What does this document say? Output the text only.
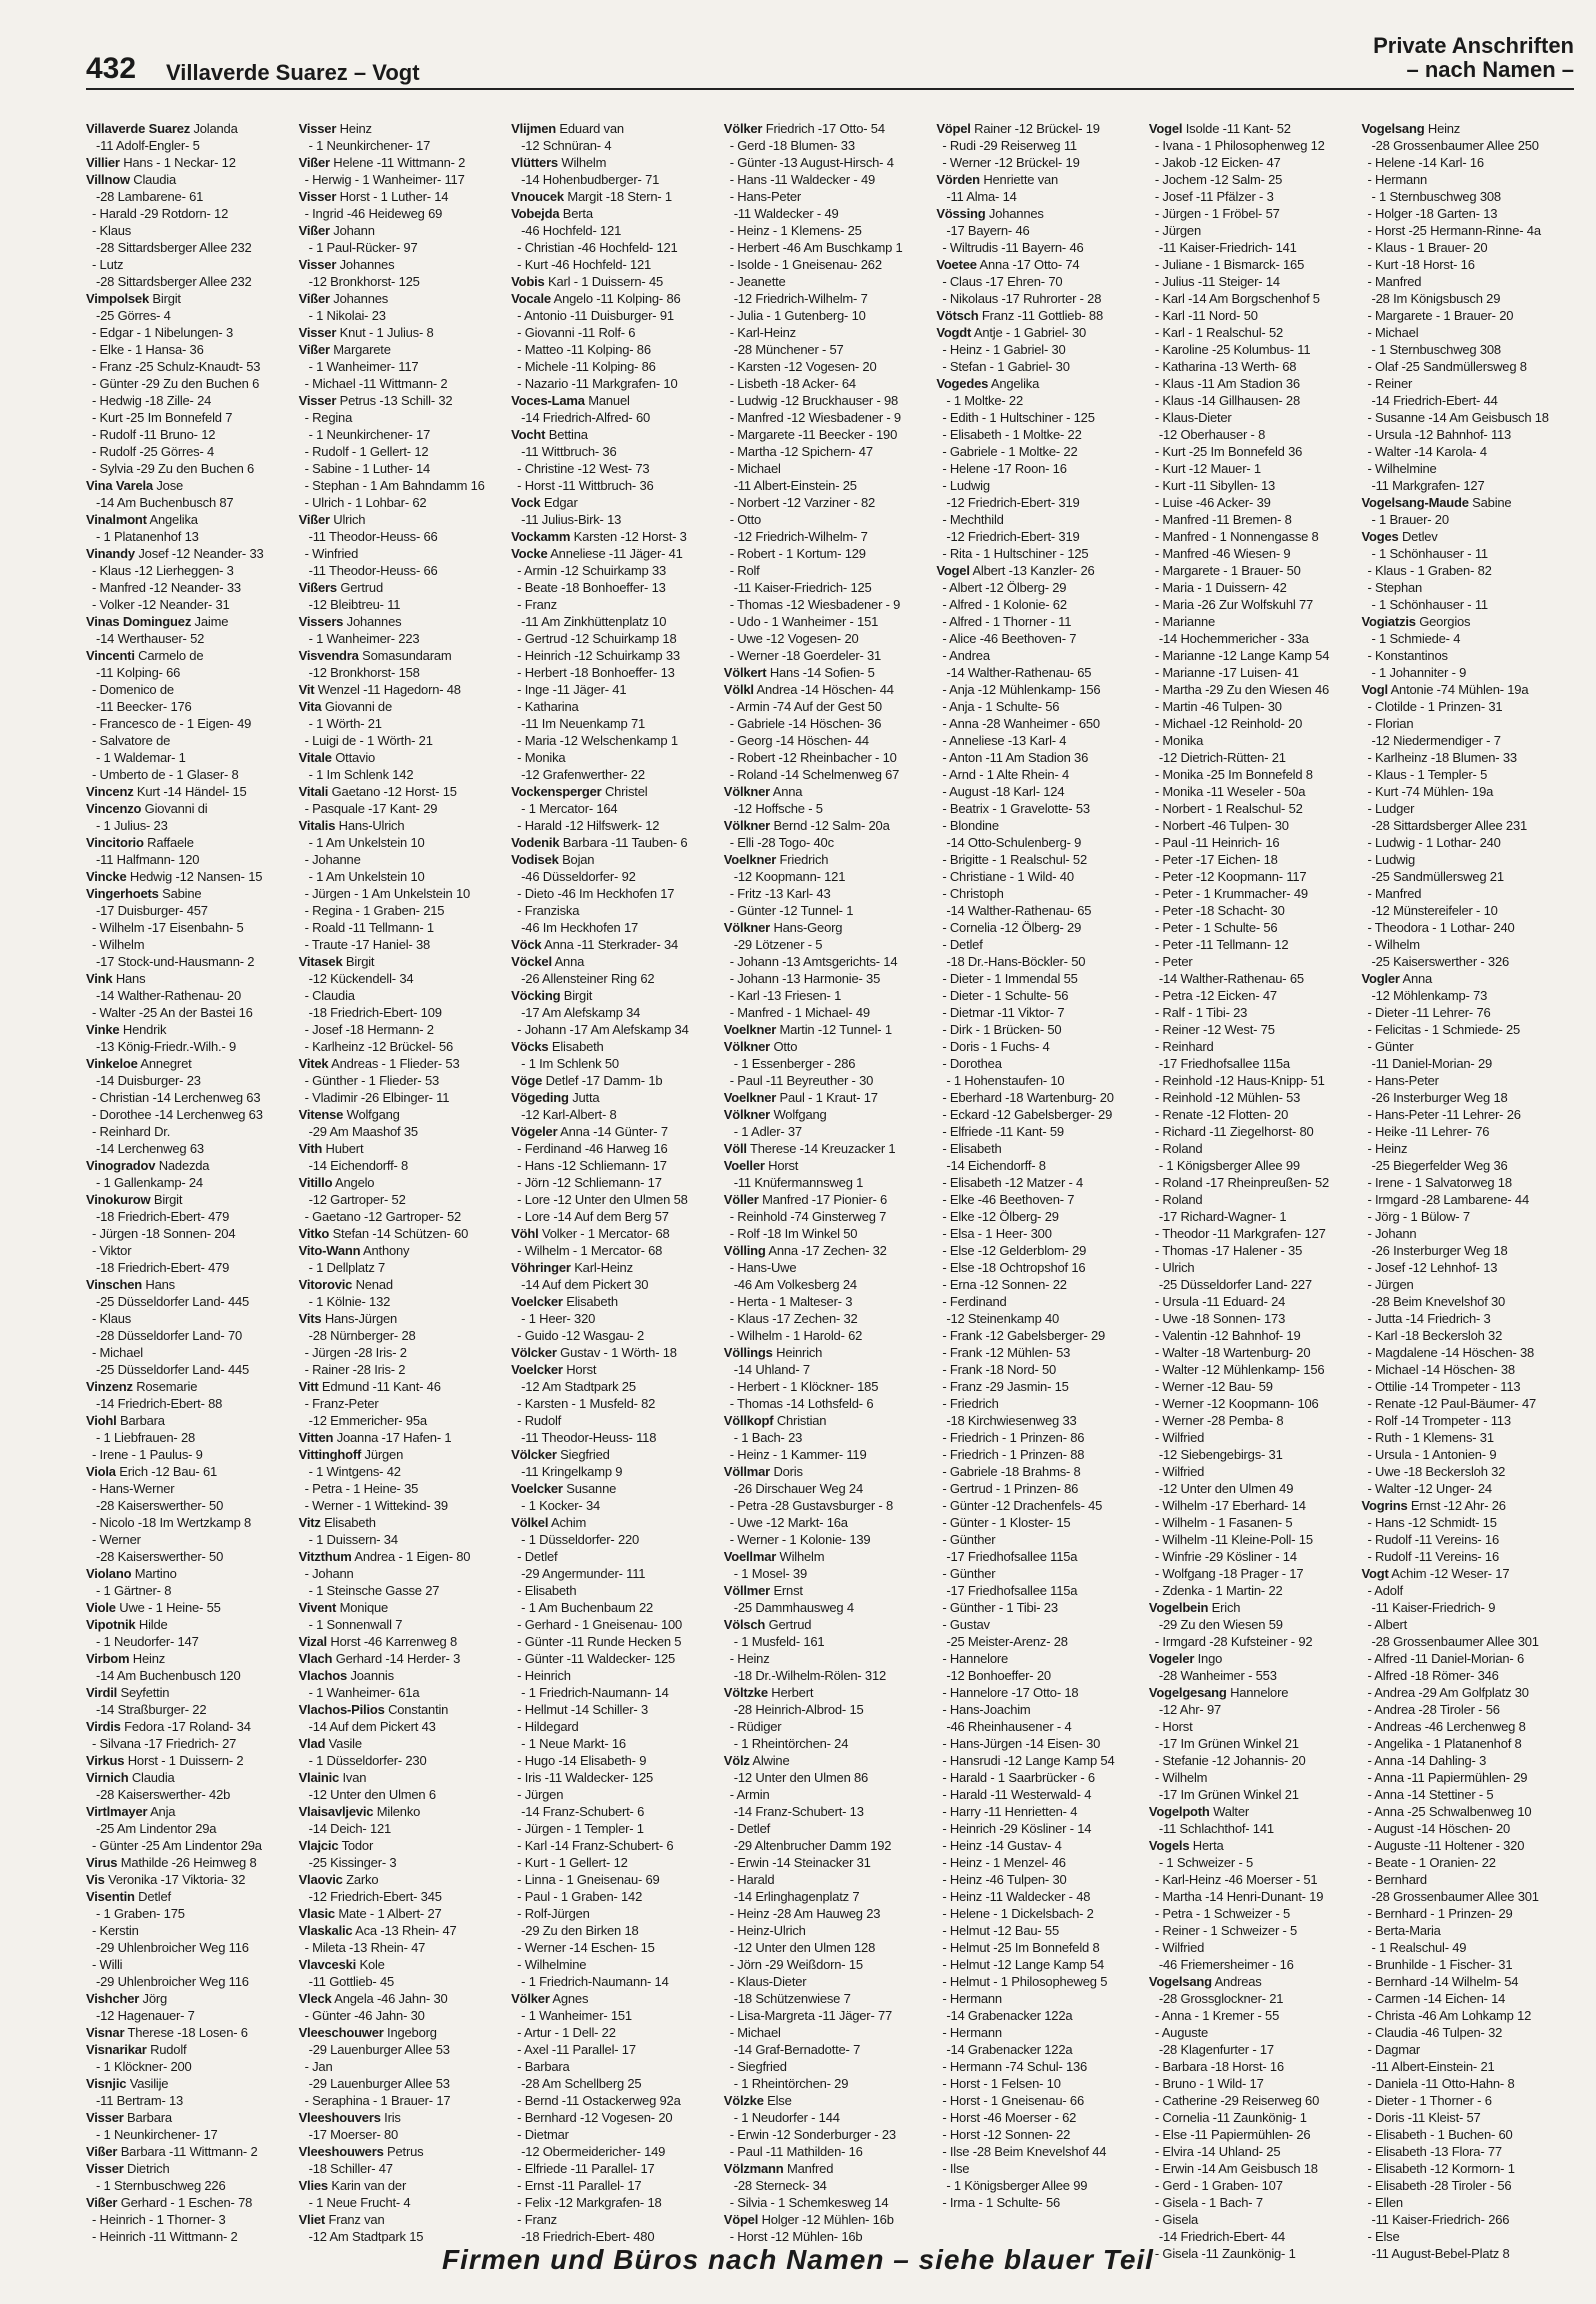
432 Villaverde Suarez – Vogt
Private Anschriften
– nach Namen –
Villaverde Suarez Jolanda
-11 Adolf-Engler- 5
Villier Hans - 1 Neckar- 12
Villnow Claudia
-28 Lambarene- 61
- Harald -29 Rotdorn- 12
- Klaus
-28 Sittardsberger Allee 232
- Lutz
-28 Sittardsberger Allee 232
Vimpolsek Birgit
-25 Görres- 4
- Edgar - 1 Nibelungen- 3
- Elke - 1 Hansa- 36
- Franz -25 Schulz-Knaudt- 53
- Günter -29 Zu den Buchen 6
- Hedwig -18 Zille- 24
- Kurt -25 Im Bonnefeld 7
- Rudolf -11 Bruno- 12
- Rudolf -25 Görres- 4
- Sylvia -29 Zu den Buchen 6
Vina Varela Jose
-14 Am Buchenbusch 87
Vinalmont Angelika
- 1 Platanenhof 13
Vinandy Josef -12 Neander- 33
- Klaus -12 Lierheggen- 3
- Manfred -12 Neander- 33
- Volker -12 Neander- 31
Vinas Dominguez Jaime
-14 Werthauser- 52
Vincenti Carmelo de
-11 Kolping- 66
- Domenico de
-11 Beecker- 176
- Francesco de - 1 Eigen- 49
- Salvatore de
- 1 Waldemar- 1
- Umberto de - 1 Glaser- 8
Vincenz Kurt -14 Händel- 15
Vincenzo Giovanni di
- 1 Julius- 23
Vincitorio Raffaele
-11 Halfmann- 120
Vincke Hedwig -12 Nansen- 15
Vingerhoets Sabine
-17 Duisburger- 457
- Wilhelm -17 Eisenbahn- 5
- Wilhelm
-17 Stock-und-Hausmann- 2
Vink Hans
-14 Walther-Rathenau- 20
- Walter -25 An der Bastei 16
Vinke Hendrik
-13 König-Friedr.-Wilh.- 9
Vinkeloe Annegret
-14 Duisburger- 23
- Christian -14 Lerchenweg 63
- Dorothee -14 Lerchenweg 63
- Reinhard Dr.
-14 Lerchenweg 63
Vinogradov Nadezda
- 1 Gallenkamp- 24
Vinokurow Birgit
-18 Friedrich-Ebert- 479
- Jürgen -18 Sonnen- 204
- Viktor
-18 Friedrich-Ebert- 479
Vinschen Hans
-25 Düsseldorfer Land- 445
- Klaus
-28 Düsseldorfer Land- 70
- Michael
-25 Düsseldorfer Land- 445
Vinzenz Rosemarie
-14 Friedrich-Ebert- 88
Viohl Barbara
- 1 Liebfrauen- 28
- Irene - 1 Paulus- 9
Viola Erich -12 Bau- 61
- Hans-Werner
-28 Kaiserswerther- 50
- Nicolo -18 Im Wertzkamp 8
- Werner
-28 Kaiserswerther- 50
Violano Martino
- 1 Gärtner- 8
Viole Uwe - 1 Heine- 55
Vipotnik Hilde
- 1 Neudorfer- 147
Virbom Heinz
-14 Am Buchenbusch 120
Virdil Seyfettin
-14 Straßburger- 22
Virdis Fedora -17 Roland- 34
- Silvana -17 Friedrich- 27
Virkus Horst - 1 Duissern- 2
Virnich Claudia
-28 Kaiserswerther- 42b
Virtlmayer Anja
-25 Am Lindentor 29a
- Günter -25 Am Lindentor 29a
Virus Mathilde -26 Heimweg 8
Vis Veronika -17 Viktoria- 32
Visentin Detlef
- 1 Graben- 175
- Kerstin
-29 Uhlenbroicher Weg 116
- Willi
-29 Uhlenbroicher Weg 116
Vishcher Jörg
-12 Hagenauer- 7
Visnar Therese -18 Losen- 6
Visnarikar Rudolf
- 1 Klöckner- 200
Visnjic Vasilije
-11 Bertram- 13
Visser Barbara
- 1 Neunkirchener- 17
Vißer Barbara -11 Wittmann- 2
Visser Dietrich
- 1 Sternbuschweg 226
Vißer Gerhard - 1 Eschen- 78
- Heinrich - 1 Thorner- 3
- Heinrich -11 Wittmann- 2
Visser Heinz
- 1 Neunkirchener- 17
Vißer Helene -11 Wittmann- 2
- Herwig - 1 Wanheimer- 117
Visser Horst - 1 Luther- 14
- Ingrid -46 Heideweg 69
Vißer Johann
- 1 Paul-Rücker- 97
Visser Johannes
-12 Bronkhorst- 125
Vißer Johannes
- 1 Nikolai- 23
Visser Knut - 1 Julius- 8
Vißer Margarete
- 1 Wanheimer- 117
- Michael -11 Wittmann- 2
Visser Petrus -13 Schill- 32
- Regina
- 1 Neunkirchener- 17
- Rudolf - 1 Gellert- 12
- Sabine - 1 Luther- 14
- Stephan - 1 Am Bahndamm 16
- Ulrich - 1 Lohbar- 62
Vißer Ulrich
-11 Theodor-Heuss- 66
- Winfried
-11 Theodor-Heuss- 66
Vißers Gertrud
-12 Bleibtreu- 11
Vissers Johannes
- 1 Wanheimer- 223
Visvendra Somasundaram
-12 Bronkhorst- 158
Vit Wenzel -11 Hagedorn- 48
Vita Giovanni de
- 1 Wörth- 21
- Luigi de - 1 Wörth- 21
Vitale Ottavio
- 1 Im Schlenk 142
Vitali Gaetano -12 Horst- 15
- Pasquale -17 Kant- 29
Vitalis Hans-Ulrich
- 1 Am Unkelstein 10
- Johanne
- 1 Am Unkelstein 10
- Jürgen - 1 Am Unkelstein 10
- Regina - 1 Graben- 215
- Roald -11 Tellmann- 1
- Traute -17 Haniel- 38
Vitasek Birgit
-12 Kückendell- 34
- Claudia
-18 Friedrich-Ebert- 109
- Josef -18 Hermann- 2
- Karlheinz -12 Brückel- 56
Vitek Andreas - 1 Flieder- 53
- Günther - 1 Flieder- 53
- Vladimir -26 Elbinger- 11
Vitense Wolfgang
-29 Am Maashof 35
Vith Hubert
-14 Eichendorff- 8
Vitillo Angelo
-12 Gartroper- 52
- Gaetano -12 Gartroper- 52
Vitko Stefan -14 Schützen- 60
Vito-Wann Anthony
- 1 Dellplatz 7
Vitorovic Nenad
- 1 Kölnie- 132
Vits Hans-Jürgen
-28 Nürnberger- 28
- Jürgen -28 Iris- 2
- Rainer -28 Iris- 2
Vitt Edmund -11 Kant- 46
- Franz-Peter
-12 Emmericher- 95a
Vitten Joanna -17 Hafen- 1
Vittinghoff Jürgen
- 1 Wintgens- 42
- Petra - 1 Heine- 35
- Werner - 1 Wittekind- 39
Vitz Elisabeth
- 1 Duissern- 34
Vitzthum Andrea - 1 Eigen- 80
- Johann
- 1 Steinsche Gasse 27
Vivent Monique
- 1 Sonnenwall 7
Vizal Horst -46 Karrenweg 8
Vlach Gerhard -14 Herder- 3
Vlachos Joannis
- 1 Wanheimer- 61a
Vlachos-Pilios Constantin
-14 Auf dem Pickert 43
Vlad Vasile
- 1 Düsseldorfer- 230
Vlainic Ivan
-12 Unter den Ulmen 6
Vlaisavljevic Milenko
-14 Deich- 121
Vlajcic Todor
-25 Kissinger- 3
Vlaovic Zarko
-12 Friedrich-Ebert- 345
Vlasic Mate - 1 Albert- 27
Vlaskalic Aca -13 Rhein- 47
- Mileta -13 Rhein- 47
Vlavceski Kole
-11 Gottlieb- 45
Vleck Angela -46 Jahn- 30
- Günter -46 Jahn- 30
Vleeschouwer Ingeborg
-29 Lauenburger Allee 53
- Jan
-29 Lauenburger Allee 53
- Seraphina - 1 Brauer- 17
Vleeshouvers Iris
-17 Moerser- 80
Vleeshouwers Petrus
-18 Schiller- 47
Vlies Karin van der
- 1 Neue Frucht- 4
Vliet Franz van
-12 Am Stadtpark 15
Vlijmen Eduard van
-12 Schnüran- 4
Vlütters Wilhelm
-14 Hohenbudberger- 71
Vnoucek Margit -18 Stern- 1
Vobejda Berta
-46 Hochfeld- 121
- Christian -46 Hochfeld- 121
- Kurt -46 Hochfeld- 121
Vobis Karl - 1 Duissern- 45
Vocale Angelo -11 Kolping- 86
- Antonio -11 Duisburger- 91
- Giovanni -11 Rolf- 6
- Matteo -11 Kolping- 86
- Michele -11 Kolping- 86
- Nazario -11 Markgrafen- 10
Voces-Lama Manuel
-14 Friedrich-Alfred- 60
Vocht Bettina
-11 Wittbruch- 36
- Christine -12 West- 73
- Horst -11 Wittbruch- 36
Vock Edgar
-11 Julius-Birk- 13
Vockamm Karsten -12 Horst- 3
Vocke Anneliese -11 Jäger- 41
- Armin -12 Schuirkamp 33
- Beate -18 Bonhoeffer- 13
- Franz
-11 Am Zinkhüttenplatz 10
- Gertrud -12 Schuirkamp 18
- Heinrich -12 Schuirkamp 33
- Herbert -18 Bonhoeffer- 13
- Inge -11 Jäger- 41
- Katharina
-11 Im Neuenkamp 71
- Maria -12 Welschenkamp 1
- Monika
-12 Grafenwerther- 22
Vockensperger Christel
- 1 Mercator- 164
- Harald -12 Hilfswerk- 12
Vodenik Barbara -11 Tauben- 6
Vodisek Bojan
-46 Düsseldorfer- 92
- Dieto -46 Im Heckhofen 17
- Franziska
-46 Im Heckhofen 17
Vöck Anna -11 Sterkrader- 34
Vöckel Anna
-26 Allensteiner Ring 62
Vöcking Birgit
-17 Am Alefskamp 34
- Johann -17 Am Alefskamp 34
Vöcks Elisabeth
- 1 Im Schlenk 50
Vöge Detlef -17 Damm- 1b
Vögeding Jutta
-12 Karl-Albert- 8
Vögeler Anna -14 Günter- 7
- Ferdinand -46 Harweg 16
- Hans -12 Schliemann- 17
- Jörn -12 Schliemann- 17
- Lore -12 Unter den Ulmen 58
- Lore -14 Auf dem Berg 57
Vöhl Volker - 1 Mercator- 68
- Wilhelm - 1 Mercator- 68
Vöhringer Karl-Heinz
-14 Auf dem Pickert 30
Voelcker Elisabeth
- 1 Heer- 320
- Guido -12 Wasgau- 2
Völcker Gustav - 1 Wörth- 18
Voelcker Horst
-12 Am Stadtpark 25
- Karsten - 1 Musfeld- 82
- Rudolf
-11 Theodor-Heuss- 118
Völcker Siegfried
-11 Kringelkamp 9
Voelcker Susanne
- 1 Kocker- 34
Völkel Achim
- 1 Düsseldorfer- 220
- Detlef
-29 Angermunder- 111
- Elisabeth
- 1 Am Buchenbaum 22
- Gerhard - 1 Gneisenau- 100
- Günter -11 Runde Hecken 5
- Günter -11 Waldecker- 125
- Heinrich
- 1 Friedrich-Naumann- 14
- Hellmut -14 Schiller- 3
- Hildegard
- 1 Neue Markt- 16
- Hugo -14 Elisabeth- 9
- Iris -11 Waldecker- 125
- Jürgen
-14 Franz-Schubert- 6
- Jürgen - 1 Templer- 1
- Karl -14 Franz-Schubert- 6
- Kurt - 1 Gellert- 12
- Linna - 1 Gneisenau- 69
- Paul - 1 Graben- 142
- Rolf-Jürgen
-29 Zu den Birken 18
- Werner -14 Eschen- 15
- Wilhelmine
- 1 Friedrich-Naumann- 14
Völker Agnes
- 1 Wanheimer- 151
- Artur - 1 Dell- 22
- Axel -11 Parallel- 17
- Barbara
-28 Am Schellberg 25
- Bernd -11 Ostackerweg 92a
- Bernhard -12 Vogesen- 20
- Dietmar
-12 Obermeidericher- 149
- Elfriede -11 Parallel- 17
- Ernst -11 Parallel- 17
- Felix -12 Markgrafen- 18
- Franz
-18 Friedrich-Ebert- 480
Völker Friedrich -17 Otto- 54
- Gerd -18 Blumen- 33
- Günter -13 August-Hirsch- 4
- Hans -11 Waldecker - 49
- Hans-Peter
-11 Waldecker - 49
- Heinz - 1 Klemens- 25
- Herbert -46 Am Buschkamp 1
- Isolde - 1 Gneisenau- 262
- Jeanette
-12 Friedrich-Wilhelm- 7
- Julia - 1 Gutenberg- 10
- Karl-Heinz
-28 Münchener - 57
- Karsten -12 Vogesen- 20
- Lisbeth -18 Acker- 64
- Ludwig -12 Bruckhauser - 98
- Manfred -12 Wiesbadener - 9
- Margarete -11 Beecker - 190
- Martha -12 Spichern- 47
- Michael
-11 Albert-Einstein- 25
- Norbert -12 Varziner - 82
- Otto
-12 Friedrich-Wilhelm- 7
- Robert - 1 Kortum- 129
- Rolf
-11 Kaiser-Friedrich- 125
- Thomas -12 Wiesbadener - 9
- Udo - 1 Wanheimer - 151
- Uwe -12 Vogesen- 20
- Werner -18 Goerdeler- 31
Völkert Hans -14 Sofien- 5
Völkl Andrea -14 Höschen- 44
- Armin -74 Auf der Gest 50
- Gabriele -14 Höschen- 36
- Georg -14 Höschen- 44
- Robert -12 Rheinbacher - 10
- Roland -14 Schelmenweg 67
Völkner Anna
-12 Hoffsche - 5
Völkner Bernd -12 Salm- 20a
- Elli -28 Togo- 40c
Voelkner Friedrich
-12 Koopmann- 121
- Fritz -13 Karl- 43
- Günter -12 Tunnel- 1
Völkner Hans-Georg
-29 Lötzener - 5
- Johann -13 Amtsgerichts- 14
- Johann -13 Harmonie- 35
- Karl -13 Friesen- 1
- Manfred - 1 Michael- 49
Voelkner Martin -12 Tunnel- 1
Völkner Otto
- 1 Essenberger - 286
- Paul -11 Beyreuther - 30
Voelkner Paul - 1 Kraut- 17
Völkner Wolfgang
- 1 Adler- 37
Völl Therese -14 Kreuzacker 1
Voeller Horst
-11 Knüfermannsweg 1
Völler Manfred -17 Pionier- 6
- Reinhold -74 Ginsterweg 7
- Rolf -18 Im Winkel 50
Völling Anna -17 Zechen- 32
- Hans-Uwe
-46 Am Volkesberg 24
- Herta - 1 Malteser- 3
- Klaus -17 Zechen- 32
- Wilhelm - 1 Harold- 62
Völlings Heinrich
-14 Uhland- 7
- Herbert - 1 Klöckner- 185
- Thomas -14 Lothsfeld- 6
Völlkopf Christian
- 1 Bach- 23
- Heinz - 1 Kammer- 119
Völlmar Doris
-26 Dirschauer Weg 24
- Petra -28 Gustavsburger - 8
- Uwe -12 Markt- 16a
- Werner - 1 Kolonie- 139
Voellmar Wilhelm
- 1 Mosel- 39
Völlmer Ernst
-25 Dammhausweg 4
Völsch Gertrud
- 1 Musfeld- 161
- Heinz
-18 Dr.-Wilhelm-Rölen- 312
Völtzke Herbert
-28 Heinrich-Albrod- 15
- Rüdiger
- 1 Rheintörchen- 24
Völz Alwine
-12 Unter den Ulmen 86
- Armin
-14 Franz-Schubert- 13
- Detlef
-29 Altenbrucher Damm 192
- Erwin -14 Steinacker 31
- Harald
-14 Erlinghagenplatz 7
- Heinz -28 Am Hauweg 23
- Heinz-Ulrich
-12 Unter den Ulmen 128
- Jörn -29 Weißdorn- 15
- Klaus-Dieter
-18 Schützenwiese 7
- Lisa-Margreta -11 Jäger- 77
- Michael
-14 Graf-Bernadotte- 7
- Siegfried
- 1 Rheintörchen- 29
Völzke Else
- 1 Neudorfer - 144
- Erwin -12 Sonderburger - 23
- Paul -11 Mathilden- 16
Völzmann Manfred
-28 Sterneck- 34
- Silvia - 1 Schemkesweg 14
Vöpel Holger -12 Mühlen- 16b
- Horst -12 Mühlen- 16b
Vöpel Rainer -12 Brückel- 19
- Rudi -29 Reiserweg 11
- Werner -12 Brückel- 19
Vörden Henriette van
-11 Alma- 14
Vössing Johannes
-17 Bayern- 46
- Wiltrudis -11 Bayern- 46
Voetee Anna -17 Otto- 74
- Claus -17 Ehren- 70
- Nikolaus -17 Ruhrorter - 28
Vötsch Franz -11 Gottlieb- 88
Vogdt Antje - 1 Gabriel- 30
- Heinz - 1 Gabriel- 30
- Stefan - 1 Gabriel- 30
Vogedes Angelika
- 1 Moltke- 22
- Edith - 1 Hultschiner - 125
- Elisabeth - 1 Moltke- 22
- Gabriele - 1 Moltke- 22
- Helene -17 Roon- 16
- Ludwig
-12 Friedrich-Ebert- 319
- Mechthild
-12 Friedrich-Ebert- 319
- Rita - 1 Hultschiner - 125
Vogel Albert -13 Kanzler- 26
- Albert -12 Ölberg- 29
- Alfred - 1 Kolonie- 62
- Alfred - 1 Thorner - 11
- Alice -46 Beethoven- 7
- Andrea
-14 Walther-Rathenau- 65
- Anja -12 Mühlenkamp- 156
- Anja - 1 Schulte- 56
- Anna -28 Wanheimer - 650
- Anneliese -13 Karl- 4
- Anton -11 Am Stadion 36
- Arnd - 1 Alte Rhein- 4
- August -18 Karl- 124
- Beatrix - 1 Gravelotte- 53
- Blondine
-14 Otto-Schulenberg- 9
- Brigitte - 1 Realschul- 52
- Christiane - 1 Wild- 40
- Christoph
-14 Walther-Rathenau- 65
- Cornelia -12 Ölberg- 29
- Detlef
-18 Dr.-Hans-Böckler- 50
- Dieter - 1 Immendal 55
- Dieter - 1 Schulte- 56
- Dietmar -11 Viktor- 7
- Dirk - 1 Brücken- 50
- Doris - 1 Fuchs- 4
- Dorothea
- 1 Hohenstaufen- 10
- Eberhard -18 Wartenburg- 20
- Eckard -12 Gabelsberger- 29
- Elfriede -11 Kant- 59
- Elisabeth
-14 Eichendorff- 8
- Elisabeth -12 Matzer - 4
- Elke -46 Beethoven- 7
- Elke -12 Ölberg- 29
- Elsa - 1 Heer- 300
- Else -12 Gelderblom- 29
- Else -18 Ochtropshof 16
- Erna -12 Sonnen- 22
- Ferdinand
-12 Steinenkamp 40
- Frank -12 Gabelsberger- 29
- Frank -12 Mühlen- 53
- Frank -18 Nord- 50
- Franz -29 Jasmin- 15
- Friedrich
-18 Kirchwiesenweg 33
- Friedrich - 1 Prinzen- 86
- Friedrich - 1 Prinzen- 88
- Gabriele -18 Brahms- 8
- Gertrud - 1 Prinzen- 86
- Günter -12 Drachenfels- 45
- Günter - 1 Kloster- 15
- Günther
-17 Friedhofsallee 115a
- Günther
-17 Friedhofsallee 115a
- Günther - 1 Tibi- 23
- Gustav
-25 Meister-Arenz- 28
- Hannelore
-12 Bonhoeffer- 20
- Hannelore -17 Otto- 18
- Hans-Joachim
-46 Rheinhausener - 4
- Hans-Jürgen -14 Eisen- 30
- Hansrudi -12 Lange Kamp 54
- Harald - 1 Saarbrücker - 6
- Harald -11 Westerwald- 4
- Harry -11 Henrietten- 4
- Heinrich -29 Kösliner - 14
- Heinz -14 Gustav- 4
- Heinz - 1 Menzel- 46
- Heinz -46 Tulpen- 30
- Heinz -11 Waldecker - 48
- Helene - 1 Dickelsbach- 2
- Helmut -12 Bau- 55
- Helmut -25 Im Bonnefeld 8
- Helmut -12 Lange Kamp 54
- Helmut - 1 Philosopheweg 5
- Hermann
-14 Grabenacker 122a
- Hermann
-14 Grabenacker 122a
- Hermann -74 Schul- 136
- Horst - 1 Felsen- 10
- Horst - 1 Gneisenau- 66
- Horst -46 Moerser - 62
- Horst -12 Sonnen- 22
- Ilse -28 Beim Knevelshof 44
- Ilse
- 1 Königsberger Allee 99
- Irma - 1 Schulte- 56
Vogel Isolde -11 Kant- 52
- Ivana - 1 Philosophenweg 12
- Jakob -12 Eicken- 47
- Jochem -12 Salm- 25
- Josef -11 Pfälzer - 3
- Jürgen - 1 Fröbel- 57
- Jürgen
-11 Kaiser-Friedrich- 141
- Juliane - 1 Bismarck- 165
- Julius -11 Steiger- 14
- Karl -14 Am Borgschenhof 5
- Karl -11 Nord- 50
- Karl - 1 Realschul- 52
- Karoline -25 Kolumbus- 11
- Katharina -13 Werth- 68
- Klaus -11 Am Stadion 36
- Klaus -14 Gillhausen- 28
- Klaus-Dieter
-12 Oberhauser - 8
- Kurt -25 Im Bonnefeld 36
- Kurt -12 Mauer- 1
- Kurt -11 Sibyllen- 13
- Luise -46 Acker- 39
- Manfred -11 Bremen- 8
- Manfred - 1 Nonnengasse 8
- Manfred -46 Wiesen- 9
- Margarete - 1 Brauer- 50
- Maria - 1 Duissern- 42
- Maria -26 Zur Wolfskuhl 77
- Marianne
-14 Hochemmericher - 33a
- Marianne -12 Lange Kamp 54
- Marianne -17 Luisen- 41
- Martha -29 Zu den Wiesen 46
- Martin -46 Tulpen- 30
- Michael -12 Reinhold- 20
- Monika
-12 Dietrich-Rütten- 21
- Monika -25 Im Bonnefeld 8
- Monika -11 Weseler - 50a
- Norbert - 1 Realschul- 52
- Norbert -46 Tulpen- 30
- Paul -11 Heinrich- 16
- Peter -17 Eichen- 18
- Peter -12 Koopmann- 117
- Peter - 1 Krummacher- 49
- Peter -18 Schacht- 30
- Peter - 1 Schulte- 56
- Peter -11 Tellmann- 12
- Peter
-14 Walther-Rathenau- 65
- Petra -12 Eicken- 47
- Ralf - 1 Tibi- 23
- Reiner -12 West- 75
- Reinhard
-17 Friedhofsallee 115a
- Reinhold -12 Haus-Knipp- 51
- Reinhold -12 Mühlen- 53
- Renate -12 Flotten- 20
- Richard -11 Ziegelhorst- 80
- Roland
- 1 Königsberger Allee 99
- Roland -17 Rheinpreußen- 52
- Roland
-17 Richard-Wagner- 1
- Theodor -11 Markgrafen- 127
- Thomas -17 Halener - 35
- Ulrich
-25 Düsseldorfer Land- 227
- Ursula -11 Eduard- 24
- Uwe -18 Sonnen- 173
- Valentin -12 Bahnhof- 19
- Walter -18 Wartenburg- 20
- Walter -12 Mühlenkamp- 156
- Werner -12 Bau- 59
- Werner -12 Koopmann- 106
- Werner -28 Pemba- 8
- Wilfried
-12 Siebengebirgs- 31
- Wilfried
-12 Unter den Ulmen 49
- Wilhelm -17 Eberhard- 14
- Wilhelm - 1 Fasanen- 5
- Wilhelm -11 Kleine-Poll- 15
- Winfrie -29 Kösliner - 14
- Wolfgang -18 Prager - 17
- Zdenka - 1 Martin- 22
Vogelbein Erich
-29 Zu den Wiesen 59
- Irmgard -28 Kufsteiner - 92
Vogeler Ingo
-28 Wanheimer - 553
Vogelgesang Hannelore
-12 Ahr- 97
- Horst
-17 Im Grünen Winkel 21
- Stefanie -12 Johannis- 20
- Wilhelm
-17 Im Grünen Winkel 21
Vogelpoth Walter
-11 Schlachthof- 141
Vogels Herta
- 1 Schweizer - 5
- Karl-Heinz -46 Moerser - 51
- Martha -14 Henri-Dunant- 19
- Petra - 1 Schweizer - 5
- Reiner - 1 Schweizer - 5
- Wilfried
-46 Friemersheimer - 16
Vogelsang Andreas
-28 Grossglockner- 21
- Anna - 1 Kremer - 55
- Auguste
-28 Klagenfurter - 17
- Barbara -18 Horst- 16
- Bruno - 1 Wild- 17
- Catherine -29 Reiserweg 60
- Cornelia -11 Zaunkönig- 1
- Else -11 Papiermühlen- 26
- Elvira -14 Uhland- 25
- Erwin -14 Am Geisbusch 18
- Gerd - 1 Graben- 107
- Gisela - 1 Bach- 7
- Gisela
-14 Friedrich-Ebert- 44
- Gisela -11 Zaunkönig- 1
Vogelsang Heinz
-28 Grossenbaumer Allee 250
- Helene -14 Karl- 16
- Hermann
- 1 Sternbuschweg 308
- Holger -18 Garten- 13
- Horst -25 Hermann-Rinne- 4a
- Klaus - 1 Brauer- 20
- Kurt -18 Horst- 16
- Manfred
-28 Im Königsbusch 29
- Margarete - 1 Brauer- 20
- Michael
- 1 Sternbuschweg 308
- Olaf -25 Sandmüllersweg 8
- Reiner
-14 Friedrich-Ebert- 44
- Susanne -14 Am Geisbusch 18
- Ursula -12 Bahnhof- 113
- Walter -14 Karola- 4
- Wilhelmine
-11 Markgrafen- 127
Vogelsang-Maude Sabine
- 1 Brauer- 20
Voges Detlev
- 1 Schönhauser - 11
- Klaus - 1 Graben- 82
- Stephan
- 1 Schönhauser - 11
Vogiatzis Georgios
- 1 Schmiede- 4
- Konstantinos
- 1 Johanniter - 9
Vogl Antonie -74 Mühlen- 19a
- Clotilde - 1 Prinzen- 31
- Florian
-12 Niedermendiger - 7
- Karlheinz -18 Blumen- 33
- Klaus - 1 Templer- 5
- Kurt -74 Mühlen- 19a
- Ludger
-28 Sittardsberger Allee 231
- Ludwig - 1 Lothar- 240
- Ludwig
-25 Sandmüllersweg 21
- Manfred
-12 Münstereifeler - 10
- Theodora - 1 Lothar- 240
- Wilhelm
-25 Kaiserswerther - 326
Vogler Anna
-12 Möhlenkamp- 73
- Dieter -11 Lehrer- 76
- Felicitas - 1 Schmiede- 25
- Günter
-11 Daniel-Morian- 29
- Hans-Peter
-26 Insterburger Weg 18
- Hans-Peter -11 Lehrer- 26
- Heike -11 Lehrer- 76
- Heinz
-25 Biegerfelder Weg 36
- Irene - 1 Salvatorweg 18
- Irmgard -28 Lambarene- 44
- Jörg - 1 Bülow- 7
- Johann
-26 Insterburger Weg 18
- Josef -12 Lehnhof- 13
- Jürgen
-28 Beim Knevelshof 30
- Jutta -14 Friedrich- 3
- Karl -18 Beckersloh 32
- Magdalene -14 Höschen- 38
- Michael -14 Höschen- 38
- Ottilie -14 Trompeter - 113
- Renate -12 Paul-Bäumer- 47
- Rolf -14 Trompeter - 113
- Ruth - 1 Klemens- 31
- Ursula - 1 Antonien- 9
- Uwe -18 Beckersloh 32
- Walter -12 Unger- 24
Vogrins Ernst -12 Ahr- 26
- Hans -12 Schmidt- 15
- Rudolf -11 Vereins- 16
- Rudolf -11 Vereins- 16
Vogt Achim -12 Weser- 17
- Adolf
-11 Kaiser-Friedrich- 9
- Albert
-28 Grossenbaumer Allee 301
- Alfred -11 Daniel-Morian- 6
- Alfred -18 Römer- 346
- Andrea -29 Am Golfplatz 30
- Andrea -28 Tiroler - 56
- Andreas -46 Lerchenweg 8
- Angelika - 1 Platanenhof 8
- Anna -14 Dahling- 3
- Anna -11 Papiermühlen- 29
- Anna -14 Stettiner - 5
- Anna -25 Schwalbenweg 10
- August -14 Höschen- 20
- Auguste -11 Holtener - 320
- Beate - 1 Oranien- 22
- Bernhard
-28 Grossenbaumer Allee 301
- Bernhard - 1 Prinzen- 29
- Berta-Maria
- 1 Realschul- 49
- Brunhilde - 1 Fischer- 31
- Bernhard -14 Wilhelm- 54
- Carmen -14 Eichen- 14
- Christa -46 Am Lohkamp 12
- Claudia -46 Tulpen- 32
- Dagmar
-11 Albert-Einstein- 21
- Daniela -11 Otto-Hahn- 8
- Dieter - 1 Thorner - 6
- Doris -11 Kleist- 57
- Elisabeth - 1 Buchen- 60
- Elisabeth -13 Flora- 77
- Elisabeth -12 Kormorn- 1
- Elisabeth -28 Tiroler - 56
- Ellen
-11 Kaiser-Friedrich- 266
- Else
-11 August-Bebel-Platz 8
Firmen und Büros nach Namen – siehe blauer Teil
